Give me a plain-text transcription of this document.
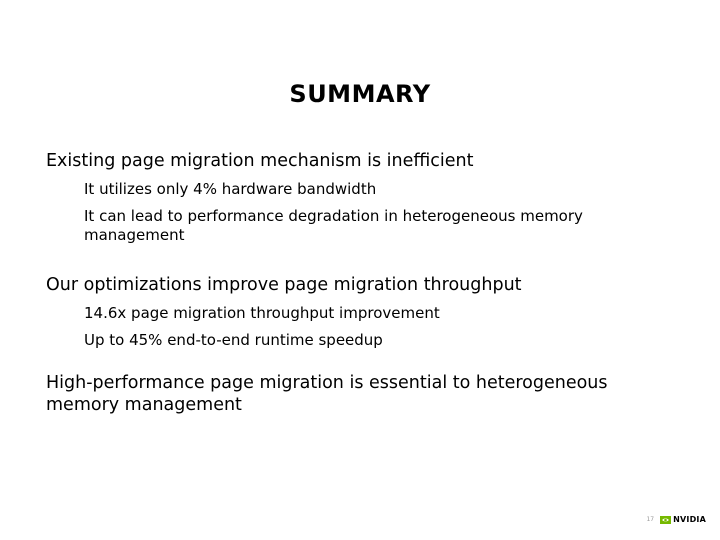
SUMMARY

Existing page migration mechanism is inefficient

It utilizes only 4% hardware bandwidth

It can lead to performance degradation in heterogeneous memory management

Our optimizations improve page migration throughput

14.6x page migration throughput improvement

Up to 45% end-to-end runtime speedup

High-performance page migration is essential to heterogeneous memory management

17 NVIDIA
